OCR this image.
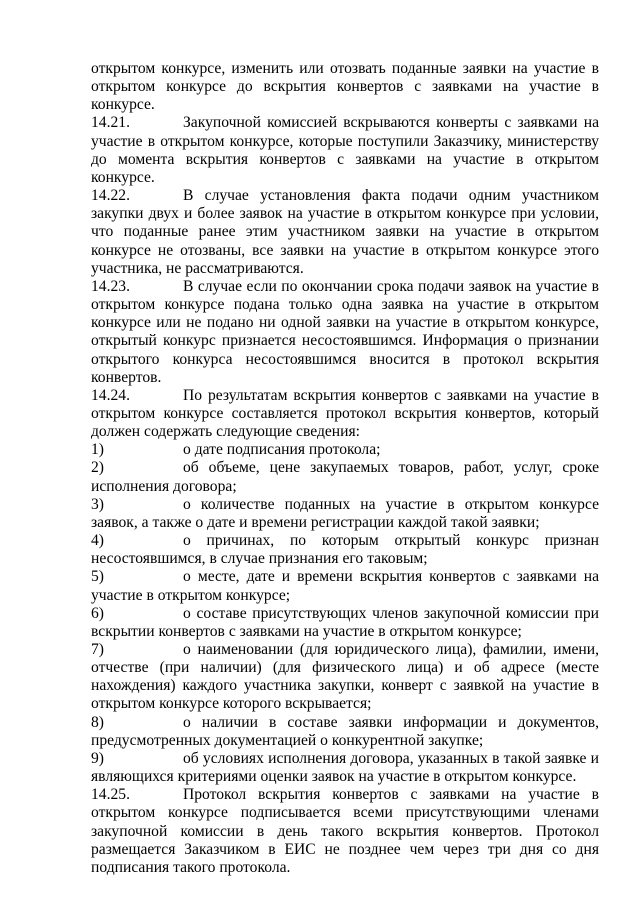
открытом конкурсе, изменить или отозвать поданные заявки на участие в открытом конкурсе до вскрытия конвертов с заявками на участие в конкурсе.

14.21.	Закупочной комиссией вскрываются конверты с заявками на участие в открытом конкурсе, которые поступили Заказчику, министерству до момента вскрытия конвертов с заявками на участие в открытом конкурсе.

14.22.	В случае установления факта подачи одним участником закупки двух и более заявок на участие в открытом конкурсе при условии, что поданные ранее этим участником заявки на участие в открытом конкурсе не отозваны, все заявки на участие в открытом конкурсе этого участника, не рассматриваются.

14.23.	В случае если по окончании срока подачи заявок на участие в открытом конкурсе подана только одна заявка на участие в открытом конкурсе или не подано ни одной заявки на участие в открытом конкурсе, открытый конкурс признается несостоявшимся. Информация о признании открытого конкурса несостоявшимся вносится в протокол вскрытия конвертов.

14.24.	По результатам вскрытия конвертов с заявками на участие в открытом конкурсе составляется протокол вскрытия конвертов, который должен содержать следующие сведения:

1)	о дате подписания протокола;

2)	об объеме, цене закупаемых товаров, работ, услуг, сроке исполнения договора;

3)	о количестве поданных на участие в открытом конкурсе заявок, а также о дате и времени регистрации каждой такой заявки;

4)	о причинах, по которым открытый конкурс признан несостоявшимся, в случае признания его таковым;

5)	о месте, дате и времени вскрытия конвертов с заявками на участие в открытом конкурсе;

6)	о составе присутствующих членов закупочной комиссии при вскрытии конвертов с заявками на участие в открытом конкурсе;

7)	о наименовании (для юридического лица), фамилии, имени, отчестве (при наличии) (для физического лица) и об адресе (месте нахождения) каждого участника закупки, конверт с заявкой на участие в открытом конкурсе которого вскрывается;

8)	о наличии в составе заявки информации и документов, предусмотренных документацией о конкурентной закупке;

9)	об условиях исполнения договора, указанных в такой заявке и являющихся критериями оценки заявок на участие в открытом конкурсе.

14.25.	Протокол вскрытия конвертов с заявками на участие в открытом конкурсе подписывается всеми присутствующими членами закупочной комиссии в день такого вскрытия конвертов. Протокол размещается Заказчиком в ЕИС не позднее чем через три дня со дня подписания такого протокола.
